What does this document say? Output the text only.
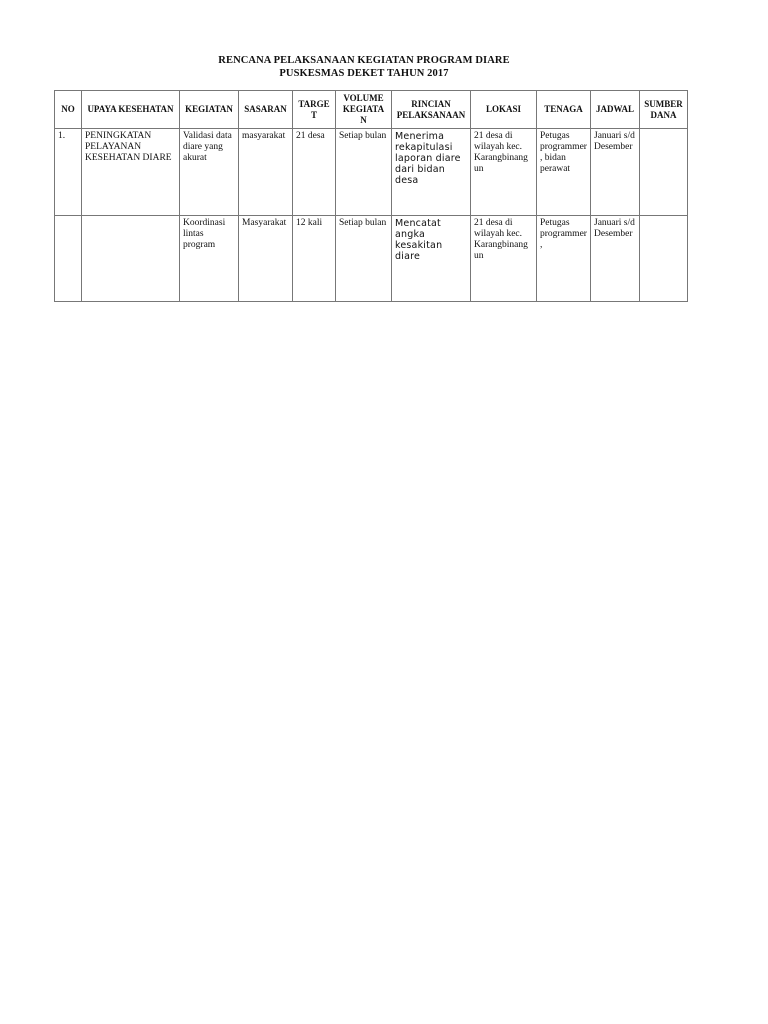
RENCANA PELAKSANAAN KEGIATAN PROGRAM DIARE
PUSKESMAS DEKET TAHUN 2017
NO	UPAYA KESEHATAN	KEGIATAN	SASARAN	TARGE T	VOLUME KEGIATA N	RINCIAN PELAKSANAAN	LOKASI	TENAGA	JADWAL	SUMBER DANA
1.	PENINGKATAN PELAYANAN KESEHATAN DIARE	Validasi data diare yang akurat	masyarakat	21 desa	Setiap bulan	Menerima rekapitulasi laporan diare dari bidan desa	21 desa di wilayah kec. Karangbinang un	Petugas programmer , bidan perawat	Januari s/d Desember	
		Koordinasi lintas program	Masyarakat	12 kali	Setiap bulan	Mencatat angka kesakitan diare	21 desa di wilayah kec. Karangbinang un	Petugas programmer ,	Januari s/d Desember	
